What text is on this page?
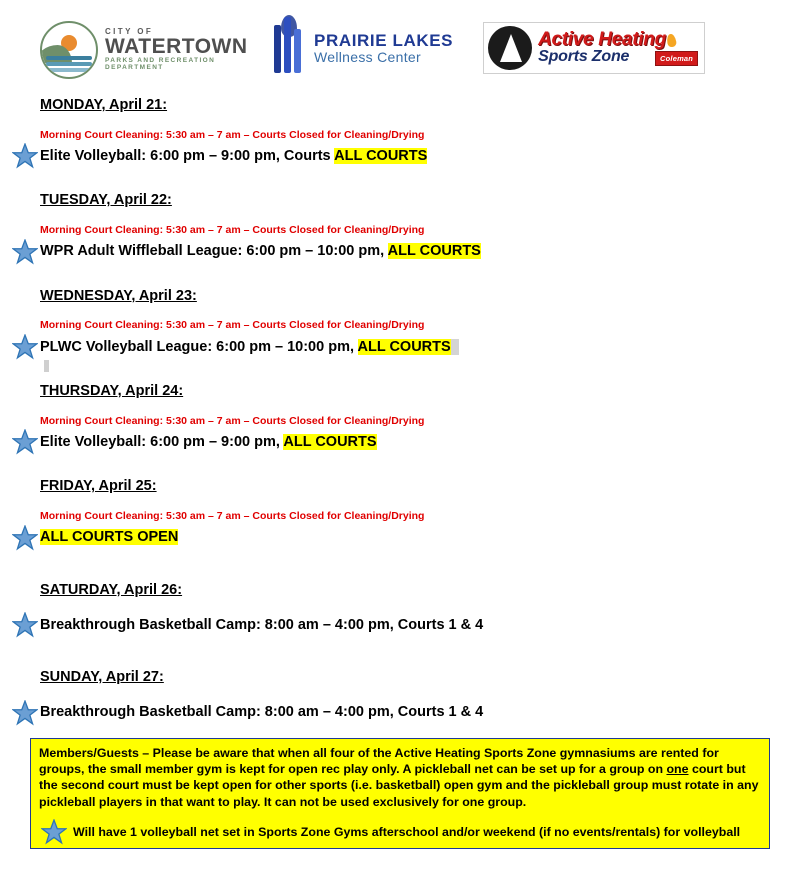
CITY OF
WATERTOWN
PARKS AND RECREATION
DEPARTMENT
PRAIRIE LAKES
Wellness Center
Active Heating
Sports Zone	Coleman
MONDAY, April 21:
Morning Court Cleaning: 5:30 am – 7 am – Courts Closed for Cleaning/Drying
Elite Volleyball: 6:00 pm – 9:00 pm, Courts ALL COURTS
TUESDAY, April 22:
Morning Court Cleaning: 5:30 am – 7 am – Courts Closed for Cleaning/Drying
WPR Adult Wiffleball League: 6:00 pm – 10:00 pm, ALL COURTS
WEDNESDAY, April 23:
Morning Court Cleaning: 5:30 am – 7 am – Courts Closed for Cleaning/Drying
PLWC Volleyball League: 6:00 pm – 10:00 pm, ALL COURTS
THURSDAY, April 24:
Morning Court Cleaning: 5:30 am – 7 am – Courts Closed for Cleaning/Drying
Elite Volleyball: 6:00 pm – 9:00 pm, ALL COURTS
FRIDAY, April 25:
Morning Court Cleaning: 5:30 am – 7 am – Courts Closed for Cleaning/Drying
ALL COURTS OPEN
SATURDAY, April 26:
Breakthrough Basketball Camp: 8:00 am – 4:00 pm, Courts 1 & 4
SUNDAY, April 27:
Breakthrough Basketball Camp: 8:00 am – 4:00 pm, Courts 1 & 4

Members/Guests – Please be aware that when all four of the Active Heating Sports Zone gymnasiums are rented for groups, the small member gym is kept for open rec play only. A pickleball net can be set up for a group on one court but the second court must be kept open for other sports (i.e. basketball) open gym and the pickleball group must rotate in any pickleball players in that want to play. It can not be used exclusively for one group.

Will have 1 volleyball net set in Sports Zone Gyms afterschool and/or weekend (if no events/rentals) for volleyball
